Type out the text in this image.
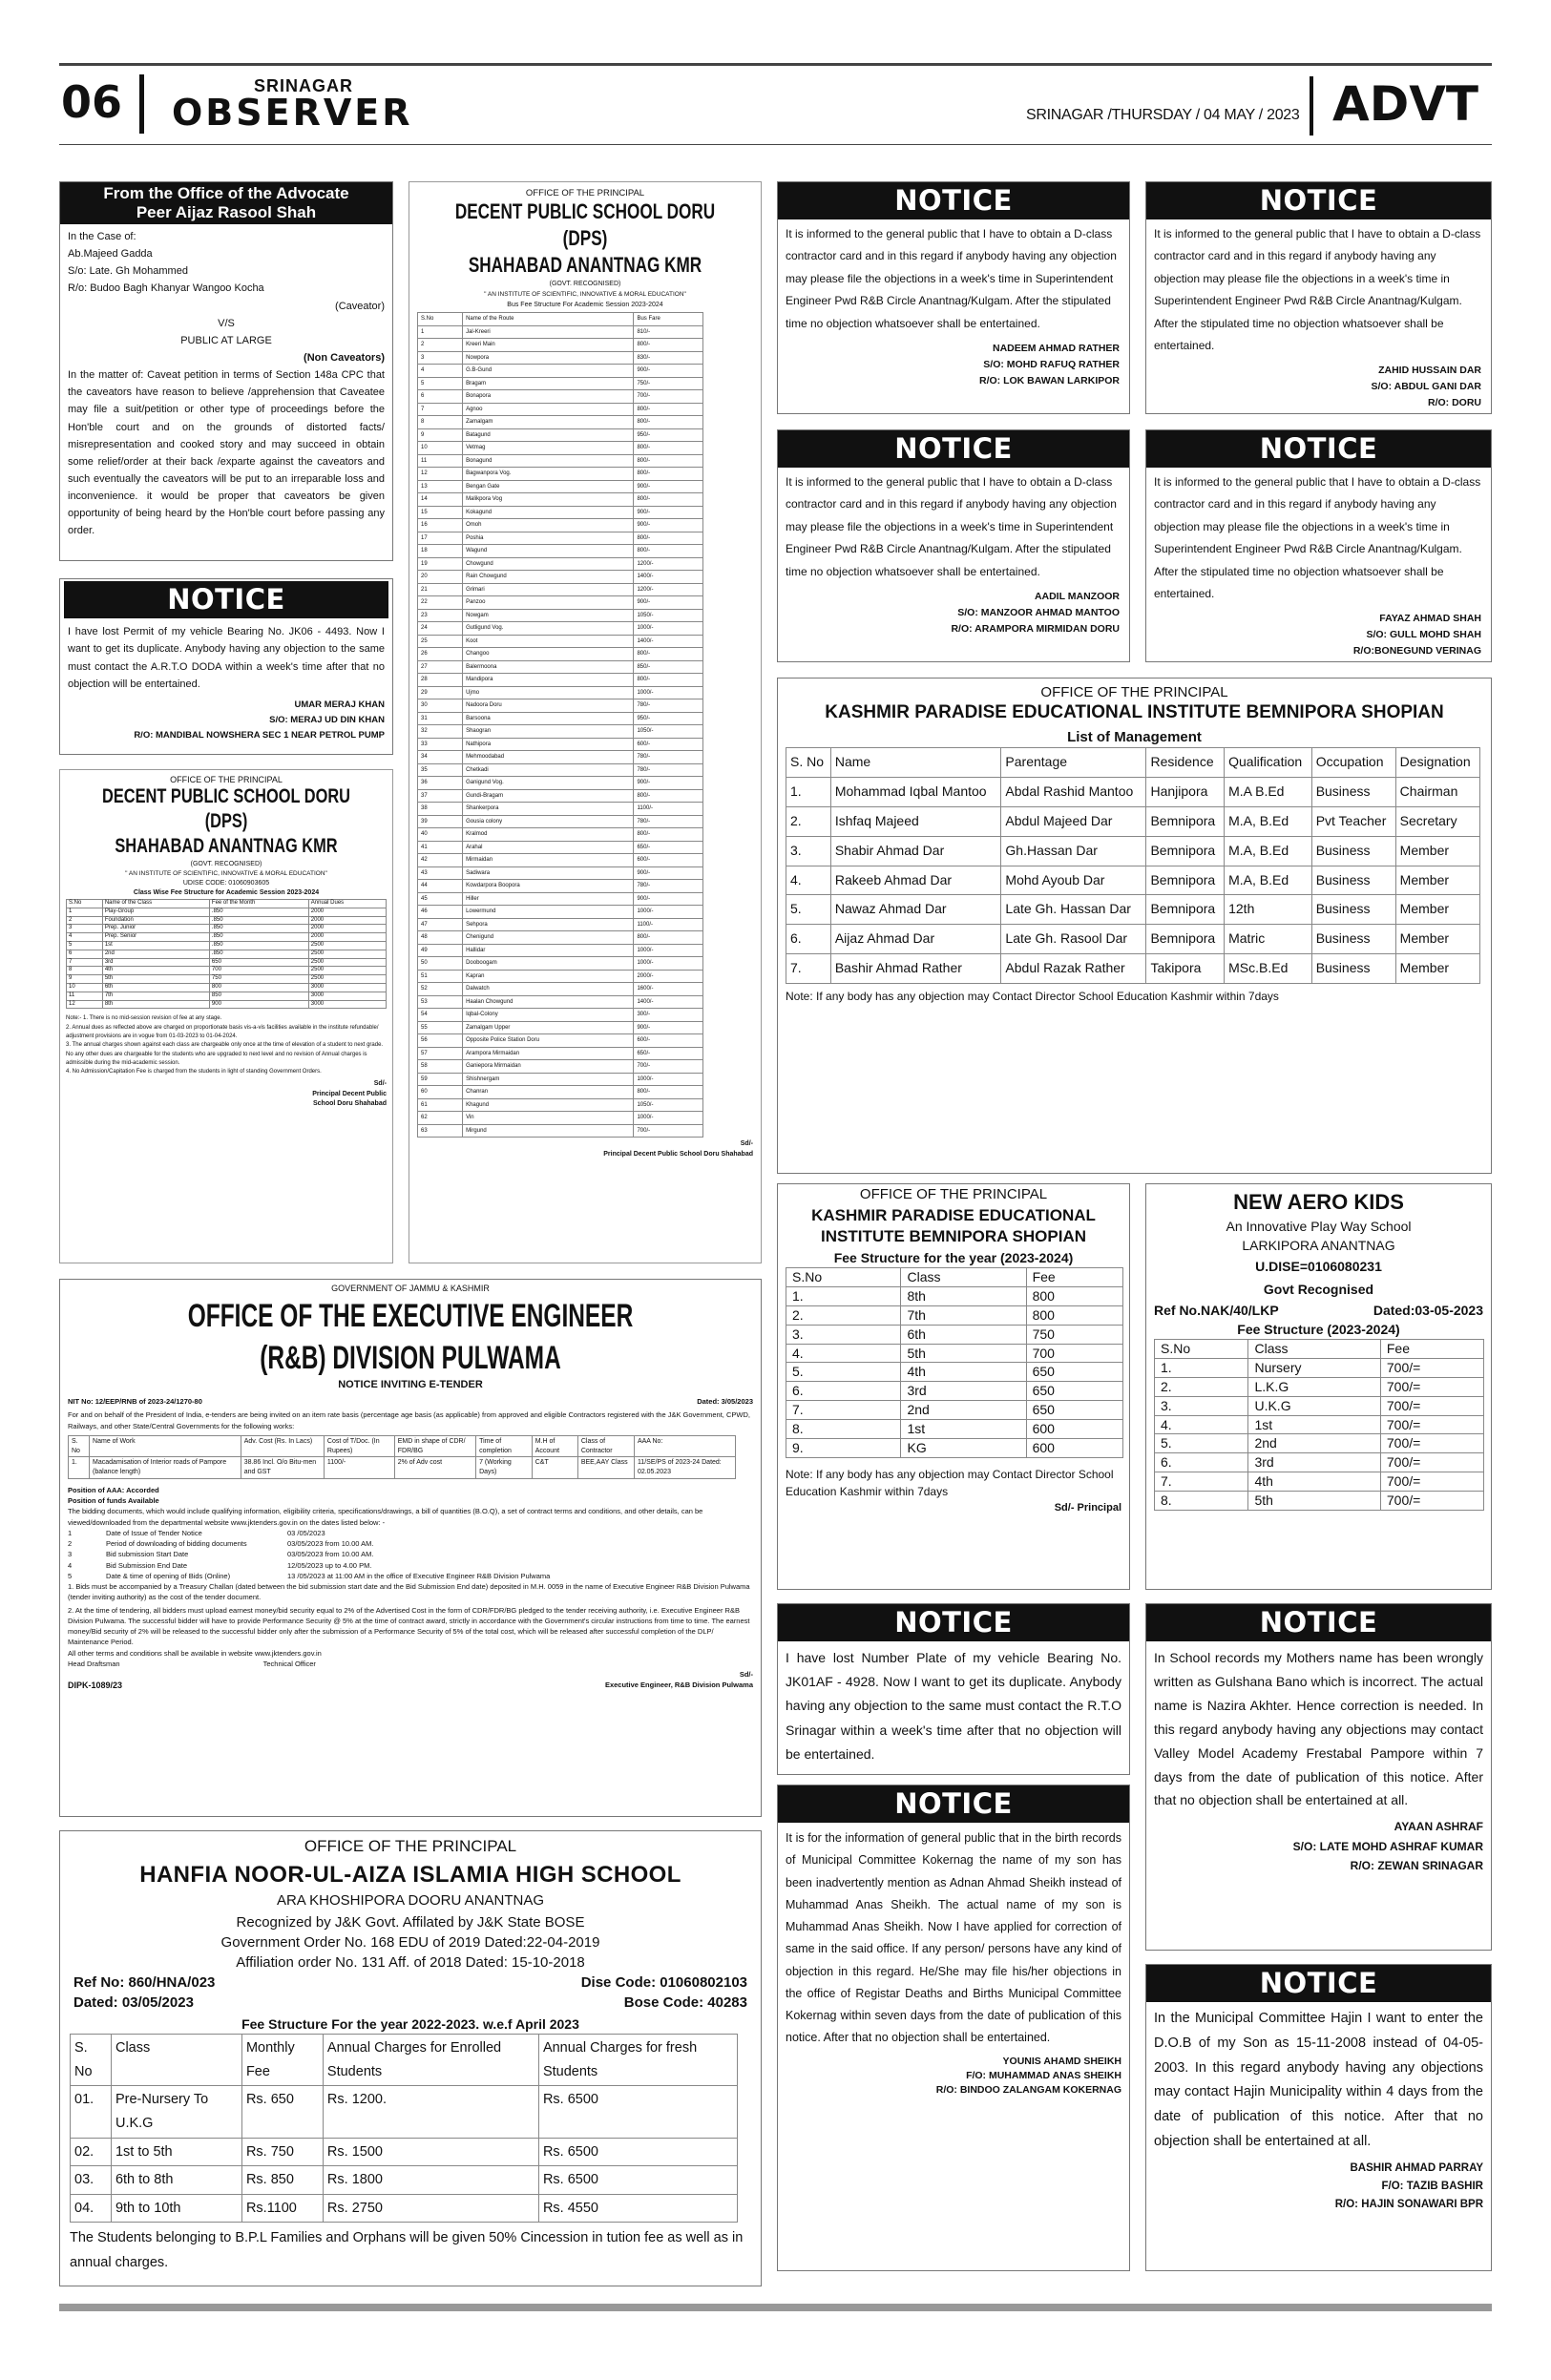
06	SRINAGAR
OBSERVER	SRINAGAR /THURSDAY / 04 MAY / 2023 ADVT
From the Office of the Advocate
Peer Aijaz Rasool Shah
In the Case of:
Ab.Majeed Gadda
S/o: Late. Gh Mohammed
R/o: Budoo Bagh Khanyar Wangoo Kocha
(Caveator)
V/S
PUBLIC AT LARGE
(Non Caveators)
In the matter of: Caveat petition in terms of Section 148a CPC that the caveators have reason to believe /apprehension that Caveatee may file a suit/petition or other type of proceedings before the Hon'ble court and on the grounds of distorted facts/ misrepresentation and cooked story and may succeed in obtain some relief/order at their back /exparte against the caveators and such eventually the caveators will be put to an irreparable loss and inconvenience. it would be proper that caveators be given opportunity of being heard by the Hon'ble court before passing any order.
NOTICE
I have lost Permit of my vehicle Bearing No. JK06 - 4493. Now I want to get its duplicate. Anybody having any objection to the same must contact the A.R.T.O DODA within a week's time after that no objection will be entertained.
UMAR MERAJ KHAN
S/O: MERAJ UD DIN KHAN
R/O: MANDIBAL NOWSHERA SEC 1 NEAR PETROL PUMP
OFFICE OF THE PRINCIPAL
DECENT PUBLIC SCHOOL DORU (DPS)
SHAHABAD ANANTNAG KMR
(GOVT. RECOGNISED)
" AN INSTITUTE OF SCIENTIFIC, INNOVATIVE & MORAL EDUCATION"
UDISE CODE: 01060903605
Class Wise Fee Structure for Academic Session 2023-2024
S.No	Name of the Class	Fee of the Month	Annual Dues
1	Play-Group	.850	2000
2	Foundation	.850	2000
3	Prep. Junior	.850	2000
4	Prep. Senior	.850	2000
5	1st	.850	2500
6	2nd	.850	2500
7	3rd	650	2500
8	4th	700	2500
9	5th	750	2500
10	6th	800	3000
11	7th	850	3000
12	8th	900	3000
Note:- 1. There is no mid-session revision of fee at any stage.
2. Annual dues as reflected above are charged on proportionate basis vis-a-vis facilities available in the institute refundable/ adjustment provisions are in vogue from 01-03-2023 to 01-04-2024.
3. The annual charges shown against each class are chargeable only once at the time of elevation of a student to next grade. No any other dues are chargeable for the students who are upgraded to next level and no revision of Annual charges is admissible during the mid-academic session.
4. No Admission/Capitation Fee is charged from the students in light of standing Government Orders.
Sd/-
Principal Decent Public
School Doru Shahabad
OFFICE OF THE PRINCIPAL
DECENT PUBLIC SCHOOL DORU (DPS)
SHAHABAD ANANTNAG KMR
(GOVT. RECOGNISED)
" AN INSTITUTE OF SCIENTIFIC, INNOVATIVE & MORAL EDUCATION"
Bus Fee Structure For Academic Session 2023-2024
S.No	Name of the Route	Bus Fare
1	Jal-Kreeri	810/-
2	Kreeri Main	800/-
3	Nowpora	830/-
4	G.B-Gund	900/-
5	Bragam	750/-
6	Bonapora	700/-
7	Agnoo	800/-
8	Zamalgam	800/-
9	Batagund	950/-
10	Vetmag	800/-
11	Bonagund	800/-
12	Bagwanpora Vog.	800/-
13	Bengan Gate	900/-
14	Malikpora Vog	800/-
15	Kokagund	900/-
16	Omoh	900/-
17	Poshia	800/-
18	Wagund	800/-
19	Chowgund	1200/-
20	Rain Chowgund	1400/-
21	Grimari	1200/-
22	Panzoo	900/-
23	Nowgam	1050/-
24	Gutligund Vog.	1000/-
25	Koot	1400/-
26	Changoo	800/-
27	Balermoona	850/-
28	Mandipora	800/-
29	Ujmo	1000/-
30	Nadoora Doru	780/-
31	Barsoona	950/-
32	Shaogran	1050/-
33	Nathipora	600/-
34	Mehmoodabad	780/-
35	Chetkadi	780/-
36	Ganigund Vog.	900/-
37	Gundi-Bragam	800/-
38	Shankerpora	1100/-
39	Gousia colony	780/-
40	Kralmod	800/-
41	Arahal	650/-
42	Mirmaidan	600/-
43	Sadiwara	900/-
44	Kowdarpora Boopora	780/-
45	Hiller	900/-
46	Lowermund	1000/-
47	Sehpora	1100/-
48	Chenigund	800/-
49	Hallidar	1000/-
50	Dooboogam	1000/-
51	Kapran	2000/-
52	Dalwatch	1600/-
53	Haalan Chowgund	1400/-
54	Iqbal-Colony	300/-
55	Zamalgam Upper	900/-
56	Opposite Police Station Doru	600/-
57	Arampora Mirmaidan	650/-
58	Ganiepora Mirmaidan	700/-
59	Shishnergam	1000/-
60	Chanran	800/-
61	Khagund	1050/-
62	Vin	1000/-
63	Mirgund	700/-
Sd/-
Principal Decent Public School Doru Shahabad
NOTICE
It is informed to the general public that I have to obtain a D-class contractor card and in this regard if anybody having any objection may please file the objections in a week's time in Superintendent Engineer Pwd R&B Circle Anantnag/Kulgam. After the stipulated time no objection whatsoever shall be entertained.
NADEEM AHMAD RATHER
S/O: MOHD RAFUQ RATHER
R/O: LOK BAWAN LARKIPOR
NOTICE
It is informed to the general public that I have to obtain a D-class contractor card and in this regard if anybody having any objection may please file the objections in a week's time in Superintendent Engineer Pwd R&B Circle Anantnag/Kulgam. After the stipulated time no objection whatsoever shall be entertained.
ZAHID HUSSAIN DAR
S/O: ABDUL GANI DAR
R/O: DORU
NOTICE
It is informed to the general public that I have to obtain a D-class contractor card and in this regard if anybody having any objection may please file the objections in a week's time in Superintendent Engineer Pwd R&B Circle Anantnag/Kulgam. After the stipulated time no objection whatsoever shall be entertained.
AADIL MANZOOR
S/O: MANZOOR AHMAD MANTOO
R/O: ARAMPORA MIRMIDAN DORU
NOTICE
It is informed to the general public that I have to obtain a D-class contractor card and in this regard if anybody having any objection may please file the objections in a week's time in Superintendent Engineer Pwd R&B Circle Anantnag/Kulgam. After the stipulated time no objection whatsoever shall be entertained.
FAYAZ AHMAD SHAH
S/O: GULL MOHD SHAH
R/O:BONEGUND VERINAG
OFFICE OF THE PRINCIPAL
KASHMIR PARADISE EDUCATIONAL INSTITUTE BEMNIPORA SHOPIAN
List of Management
S. No	Name	Parentage	Residence	Qualification	Occupation	Designation
1.	Mohammad Iqbal Mantoo	Abdal Rashid Mantoo	Hanjipora	M.A B.Ed	Business	Chairman
2.	Ishfaq Majeed	Abdul Majeed Dar	Bemnipora	M.A, B.Ed	Pvt Teacher	Secretary
3.	Shabir Ahmad Dar	Gh.Hassan Dar	Bemnipora	M.A, B.Ed	Business	Member
4.	Rakeeb Ahmad Dar	Mohd Ayoub Dar	Bemnipora	M.A, B.Ed	Business	Member
5.	Nawaz Ahmad Dar	Late Gh. Hassan Dar	Bemnipora	12th	Business	Member
6.	Aijaz Ahmad Dar	Late Gh. Rasool Dar	Bemnipora	Matric	Business	Member
7.	Bashir Ahmad Rather	Abdul Razak Rather	Takipora	MSc.B.Ed	Business	Member
Note: If any body has any objection may Contact Director School Education Kashmir within 7days
OFFICE OF THE PRINCIPAL
KASHMIR PARADISE EDUCATIONAL
INSTITUTE BEMNIPORA SHOPIAN
Fee Structure for the year (2023-2024)
S.No	Class	Fee
1.	8th	800
2.	7th	800
3.	6th	750
4.	5th	700
5.	4th	650
6.	3rd	650
7.	2nd	650
8.	1st	600
9.	KG	600
Note: If any body has any objection may Contact Director School Education Kashmir within 7days
Sd/- Principal
NEW AERO KIDS
An Innovative Play Way School
LARKIPORA ANANTNAG
U.DISE=0106080231
Govt Recognised
Ref No.NAK/40/LKP	Dated:03-05-2023
Fee Structure (2023-2024)
S.No	Class	Fee
1.	Nursery	700/=
2.	L.K.G	700/=
3.	U.K.G	700/=
4.	1st	700/=
5.	2nd	700/=
6.	3rd	700/=
7.	4th	700/=
8.	5th	700/=
GOVERNMENT OF JAMMU & KASHMIR
OFFICE OF THE EXECUTIVE ENGINEER (R&B) DIVISION PULWAMA
NOTICE INVITING E-TENDER
NIT No: 12/EEP/RNB of 2023-24/1270-80	Dated: 3/05/2023
For and on behalf of the President of India, e-tenders are being invited on an item rate basis (percentage age basis (as applicable) from approved and eligible Contractors registered with the J&K Government, CPWD, Railways, and other State/Central Governments for the following works:
S. No	Name of Work	Adv. Cost (Rs. In Lacs)	Cost of T/Doc. (In Rupees)	EMD in shape of CDR/ FDR/BG	Time of completion	M.H of Account	Class of Contractor	AAA No:
1.	Macadamisation of Interior roads of Pampore (balance length)	38.86 Incl. O/o Bitu-men and GST	1100/-	2% of Adv cost	7 (Working Days)	C&T	BEE,AAY Class	11/SE/PS of 2023-24 Dated: 02.05.2023
Position of AAA: Accorded
Position of funds Available
The bidding documents, which would include qualifying information, eligibility criteria, specifications/drawings, a bill of quantities (B.O.Q), a set of contract terms and conditions, and other details, can be viewed/downloaded from the departmental website www.jktenders.gov.in on the dates listed below: -
1	Date of Issue of Tender Notice	03 /05/2023
2	Period of downloading of bidding documents	03/05/2023 from 10.00 AM.
3	Bid submission Start Date	03/05/2023 from 10.00 AM.
4	Bid Submission End Date	12/05/2023 up to 4.00 PM.
5	Date & time of opening of Bids (Online)	13 /05/2023 at 11:00 AM in the office of Executive Engineer R&B Division Pulwama
1. Bids must be accompanied by a Treasury Challan (dated between the bid submission start date and the Bid Submission End date) deposited in M.H. 0059 in the name of Executive Engineer R&B Division Pulwama (tender inviting authority) as the cost of the tender document.
2. At the time of tendering, all bidders must upload earnest money/bid security equal to 2% of the Advertised Cost in the form of CDR/FDR/BG pledged to the tender receiving authority, i.e. Executive Engineer R&B Division Pulwama. The successful bidder will have to provide Performance Security @ 5% at the time of contract award, strictly in accordance with the Government's circular instructions from time to time. The earnest money/Bid security of 2% will be released to the successful bidder only after the submission of a Performance Security of 5% of the total cost, which will be released after successful completion of the DLP/ Maintenance Period.
All other terms and conditions shall be available in website www.jktenders.gov.in
Head Draftsman	Technical Officer
Sd/-
DIPK-1089/23	Executive Engineer, R&B Division Pulwama
OFFICE OF THE PRINCIPAL
HANFIA NOOR-UL-AIZA ISLAMIA HIGH SCHOOL
ARA KHOSHIPORA DOORU ANANTNAG
Recognized by J&K Govt. Affilated by J&K State BOSE
Government Order No. 168 EDU of 2019 Dated:22-04-2019
Affiliation order No. 131 Aff. of 2018 Dated: 15-10-2018
Ref No: 860/HNA/023	Dise Code: 01060802103
Dated: 03/05/2023	Bose Code: 40283
Fee Structure For the year 2022-2023. w.e.f April 2023
S. No	Class	Monthly Fee	Annual Charges for Enrolled Students	Annual Charges for fresh Students
01.	Pre-Nursery To U.K.G	Rs. 650	Rs. 1200.	Rs. 6500
02.	1st to 5th	Rs. 750	Rs. 1500	Rs. 6500
03.	6th to 8th	Rs. 850	Rs. 1800	Rs. 6500
04.	9th to 10th	Rs.1100	Rs. 2750	Rs. 4550
The Students belonging to B.P.L Families and Orphans will be given 50% Cincession in tution fee as well as in annual charges.
NOTICE
I have lost Number Plate of my vehicle Bearing No. JK01AF - 4928. Now I want to get its duplicate. Anybody having any objection to the same must contact the R.T.O Srinagar within a week's time after that no objection will be entertained.
NOTICE
It is for the information of general public that in the birth records of Municipal Committee Kokernag the name of my son has been inadvertently mention as Adnan Ahmad Sheikh instead of Muhammad Anas Sheikh. The actual name of my son is Muhammad Anas Sheikh. Now I have applied for correction of same in the said office. If any person/ persons have any kind of objection in this regard. He/She may file his/her objections in the office of Registar Deaths and Births Municipal Committee Kokernag within seven days from the date of publication of this notice. After that no objection shall be entertained.
YOUNIS AHAMD SHEIKH
F/O: MUHAMMAD ANAS SHEIKH
R/O: BINDOO ZALANGAM KOKERNAG
NOTICE
In School records my Mothers name has been wrongly written as Gulshana Bano which is incorrect. The actual name is Nazira Akhter. Hence correction is needed. In this regard anybody having any objections may contact Valley Model Academy Frestabal Pampore within 7 days from the date of publication of this notice. After that no objection shall be entertained at all.
AYAAN ASHRAF
S/O: LATE MOHD ASHRAF KUMAR
R/O: ZEWAN SRINAGAR
NOTICE
In the Municipal Committee Hajin I want to enter the D.O.B of my Son as 15-11-2008 instead of 04-05-2003. In this regard anybody having any objections may contact Hajin Municipality within 4 days from the date of publication of this notice. After that no objection shall be entertained at all.
BASHIR AHMAD PARRAY
F/O: TAZIB BASHIR
R/O: HAJIN SONAWARI BPR
